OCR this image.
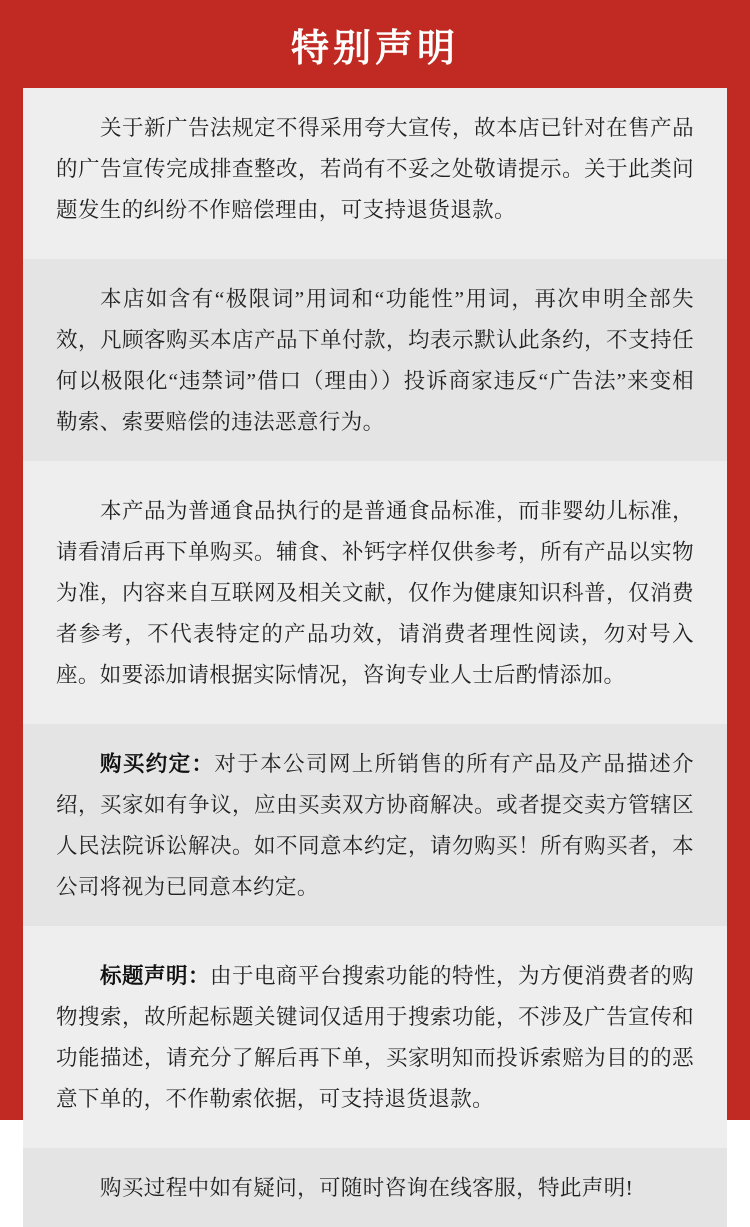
特别声明

关于新广告法规定不得采用夸大宣传，故本店已针对在售产品的广告宣传完成排查整改，若尚有不妥之处敬请提示。关于此类问题发生的纠纷不作赔偿理由，可支持退货退款。

本店如含有“极限词”用词和“功能性”用词，再次申明全部失效，凡顾客购买本店产品下单付款，均表示默认此条约，不支持任何以极限化“违禁词”借口（理由））投诉商家违反“广告法”来变相勒索、索要赔偿的违法恶意行为。

本产品为普通食品执行的是普通食品标准，而非婴幼儿标准，请看清后再下单购买。辅食、补钙字样仅供参考，所有产品以实物为准，内容来自互联网及相关文献，仅作为健康知识科普，仅消费者参考，不代表特定的产品功效，请消费者理性阅读，勿对号入座。如要添加请根据实际情况，咨询专业人士后酌情添加。

购买约定：对于本公司网上所销售的所有产品及产品描述介绍，买家如有争议，应由买卖双方协商解决。或者提交卖方管辖区人民法院诉讼解决。如不同意本约定，请勿购买！所有购买者，本公司将视为已同意本约定。

标题声明：由于电商平台搜索功能的特性，为方便消费者的购物搜索，故所起标题关键词仅适用于搜索功能，不涉及广告宣传和功能描述，请充分了解后再下单，买家明知而投诉索赔为目的的恶意下单的，不作勒索依据，可支持退货退款。

购买过程中如有疑问，可随时咨询在线客服，特此声明!
